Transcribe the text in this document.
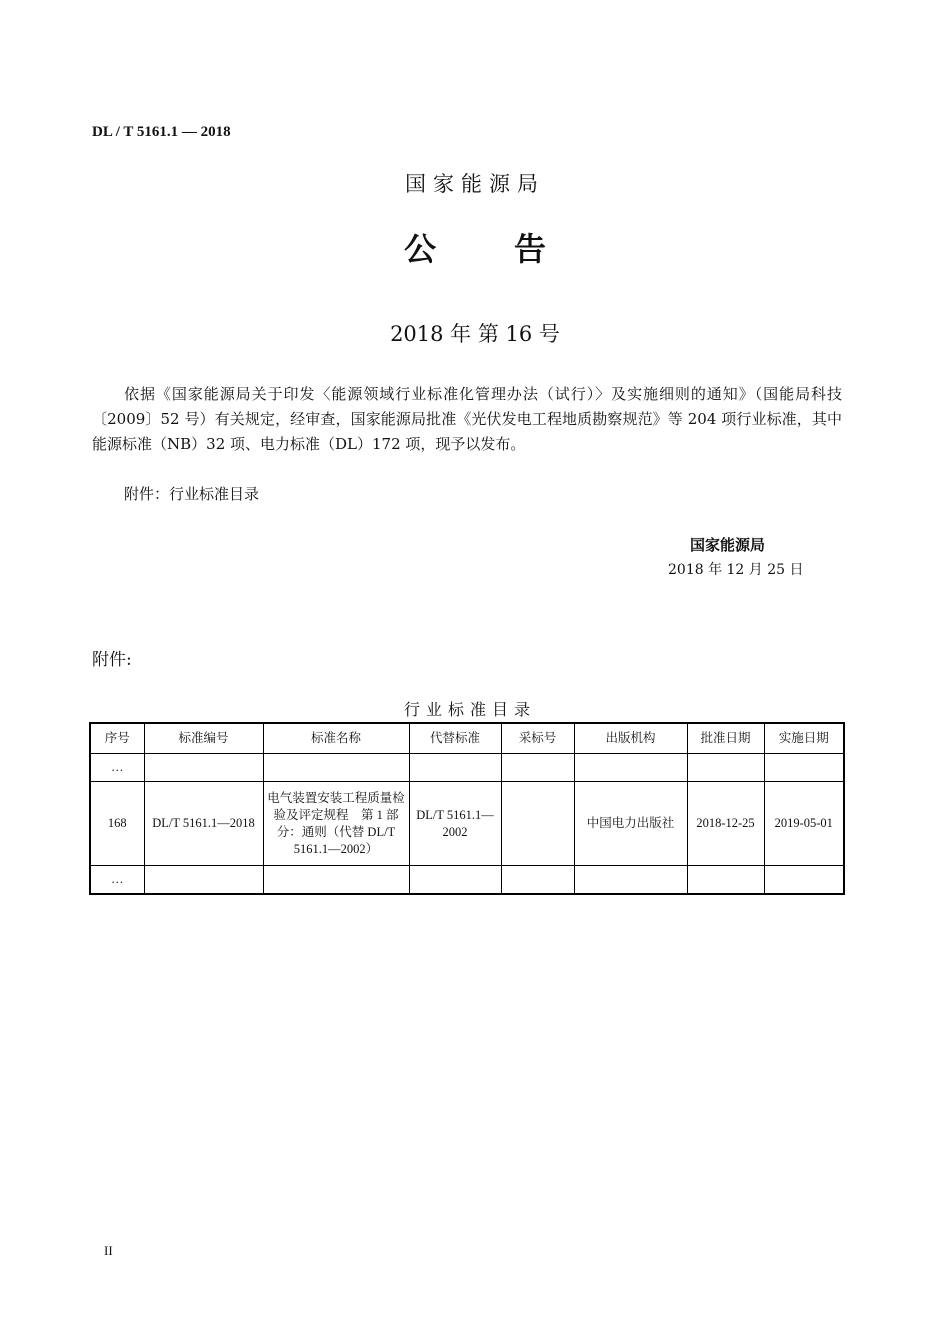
DL / T 5161.1 — 2018
国家能源局
公 告
2018 年 第 16 号
依据《国家能源局关于印发〈能源领域行业标准化管理办法（试行）〉及实施细则的通知》（国能局科技〔2009〕52 号）有关规定，经审查，国家能源局批准《光伏发电工程地质勘察规范》等 204 项行业标准，其中能源标准（NB）32 项、电力标准（DL）172 项，现予以发布。
附件：行业标准目录
国家能源局
2018 年 12 月 25 日
附件:
行业标准目录
序号	标准编号	标准名称	代替标准	采标号	出版机构	批准日期	实施日期
…							
168	DL/T 5161.1—2018	电气装置安装工程质量检验及评定规程　第 1 部分：通则（代替 DL/T 5161.1—2002）	DL/T 5161.1—2002		中国电力出版社	2018-12-25	2019-05-01
…							
II
